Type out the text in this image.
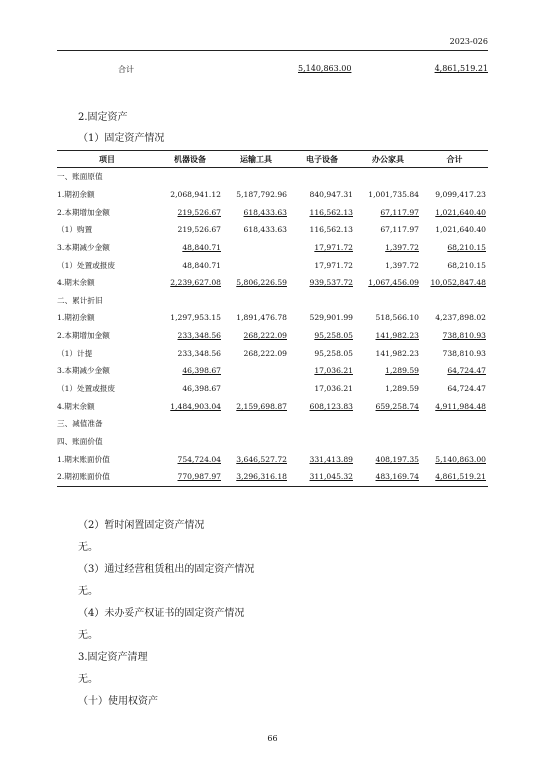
2023-026
合计	5,140,863.00	4,861,519.21
2.固定资产
（1）固定资产情况
项目	机器设备	运输工具	电子设备	办公家具	合计
一、账面原值					
1.期初余额	2,068,941.12	5,187,792.96	840,947.31	1,001,735.84	9,099,417.23
2.本期增加金额	219,526.67	618,433.63	116,562.13	67,117.97	1,021,640.40
（1）购置	219,526.67	618,433.63	116,562.13	67,117.97	1,021,640.40
3.本期减少金额	48,840.71		17,971.72	1,397.72	68,210.15
（1）处置或报废	48,840.71		17,971.72	1,397.72	68,210.15
4.期末余额	2,239,627.08	5,806,226.59	939,537.72	1,067,456.09	10,052,847.48
二、累计折旧					
1.期初余额	1,297,953.15	1,891,476.78	529,901.99	518,566.10	4,237,898.02
2.本期增加金额	233,348.56	268,222.09	95,258.05	141,982.23	738,810.93
（1）计提	233,348.56	268,222.09	95,258.05	141,982.23	738,810.93
3.本期减少金额	46,398.67		17,036.21	1,289.59	64,724.47
（1）处置或报废	46,398.67		17,036.21	1,289.59	64,724.47
4.期末余额	1,484,903.04	2,159,698.87	608,123.83	659,258.74	4,911,984.48
三、减值准备					
四、账面价值					
1.期末账面价值	754,724.04	3,646,527.72	331,413.89	408,197.35	5,140,863.00
2.期初账面价值	770,987.97	3,296,316.18	311,045.32	483,169.74	4,861,519.21
（2）暂时闲置固定资产情况
无。
（3）通过经营租赁租出的固定资产情况
无。
（4）未办妥产权证书的固定资产情况
无。
3.固定资产清理
无。
（十）使用权资产
66
